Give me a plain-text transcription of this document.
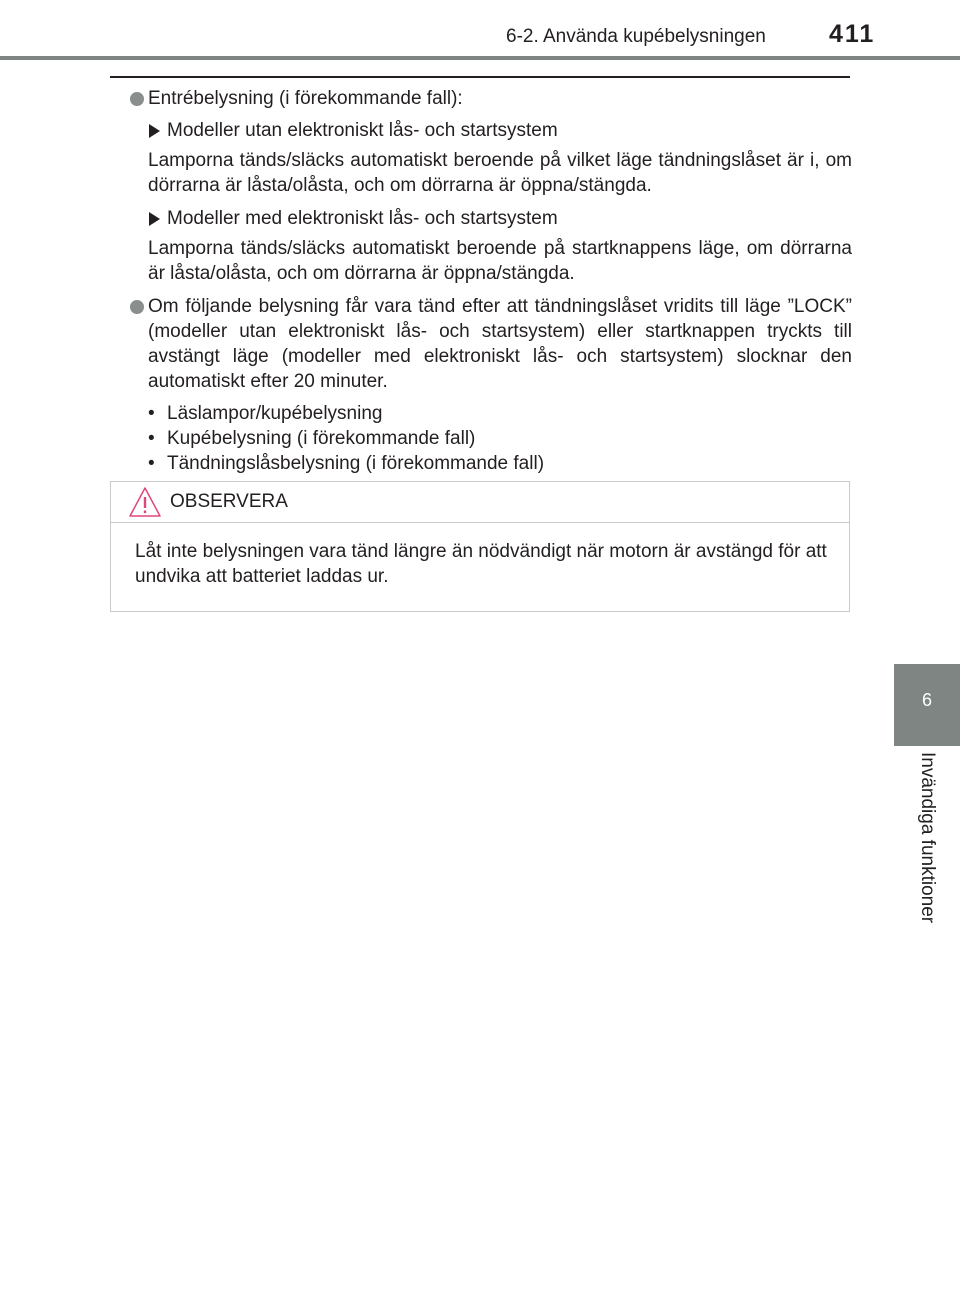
6-2. Använda kupébelysningen	411
Entrébelysning (i förekommande fall):
Modeller utan elektroniskt lås- och startsystem
Lamporna tänds/släcks automatiskt beroende på vilket läge tändningslåset är i, om dörrarna är låsta/olåsta, och om dörrarna är öppna/stängda.
Modeller med elektroniskt lås- och startsystem
Lamporna tänds/släcks automatiskt beroende på startknappens läge, om dörrarna är låsta/olåsta, och om dörrarna är öppna/stängda.
Om följande belysning får vara tänd efter att tändningslåset vridits till läge ”LOCK” (modeller utan elektroniskt lås- och startsystem) eller startknappen tryckts till avstängt läge (modeller med elektroniskt lås- och startsystem) slocknar den automatiskt efter 20 minuter.
• Läslampor/kupébelysning
• Kupébelysning (i förekommande fall)
• Tändningslåsbelysning (i förekommande fall)
OBSERVERA
Låt inte belysningen vara tänd längre än nödvändigt när motorn är avstängd för att undvika att batteriet laddas ur.
6
Invändiga funktioner
